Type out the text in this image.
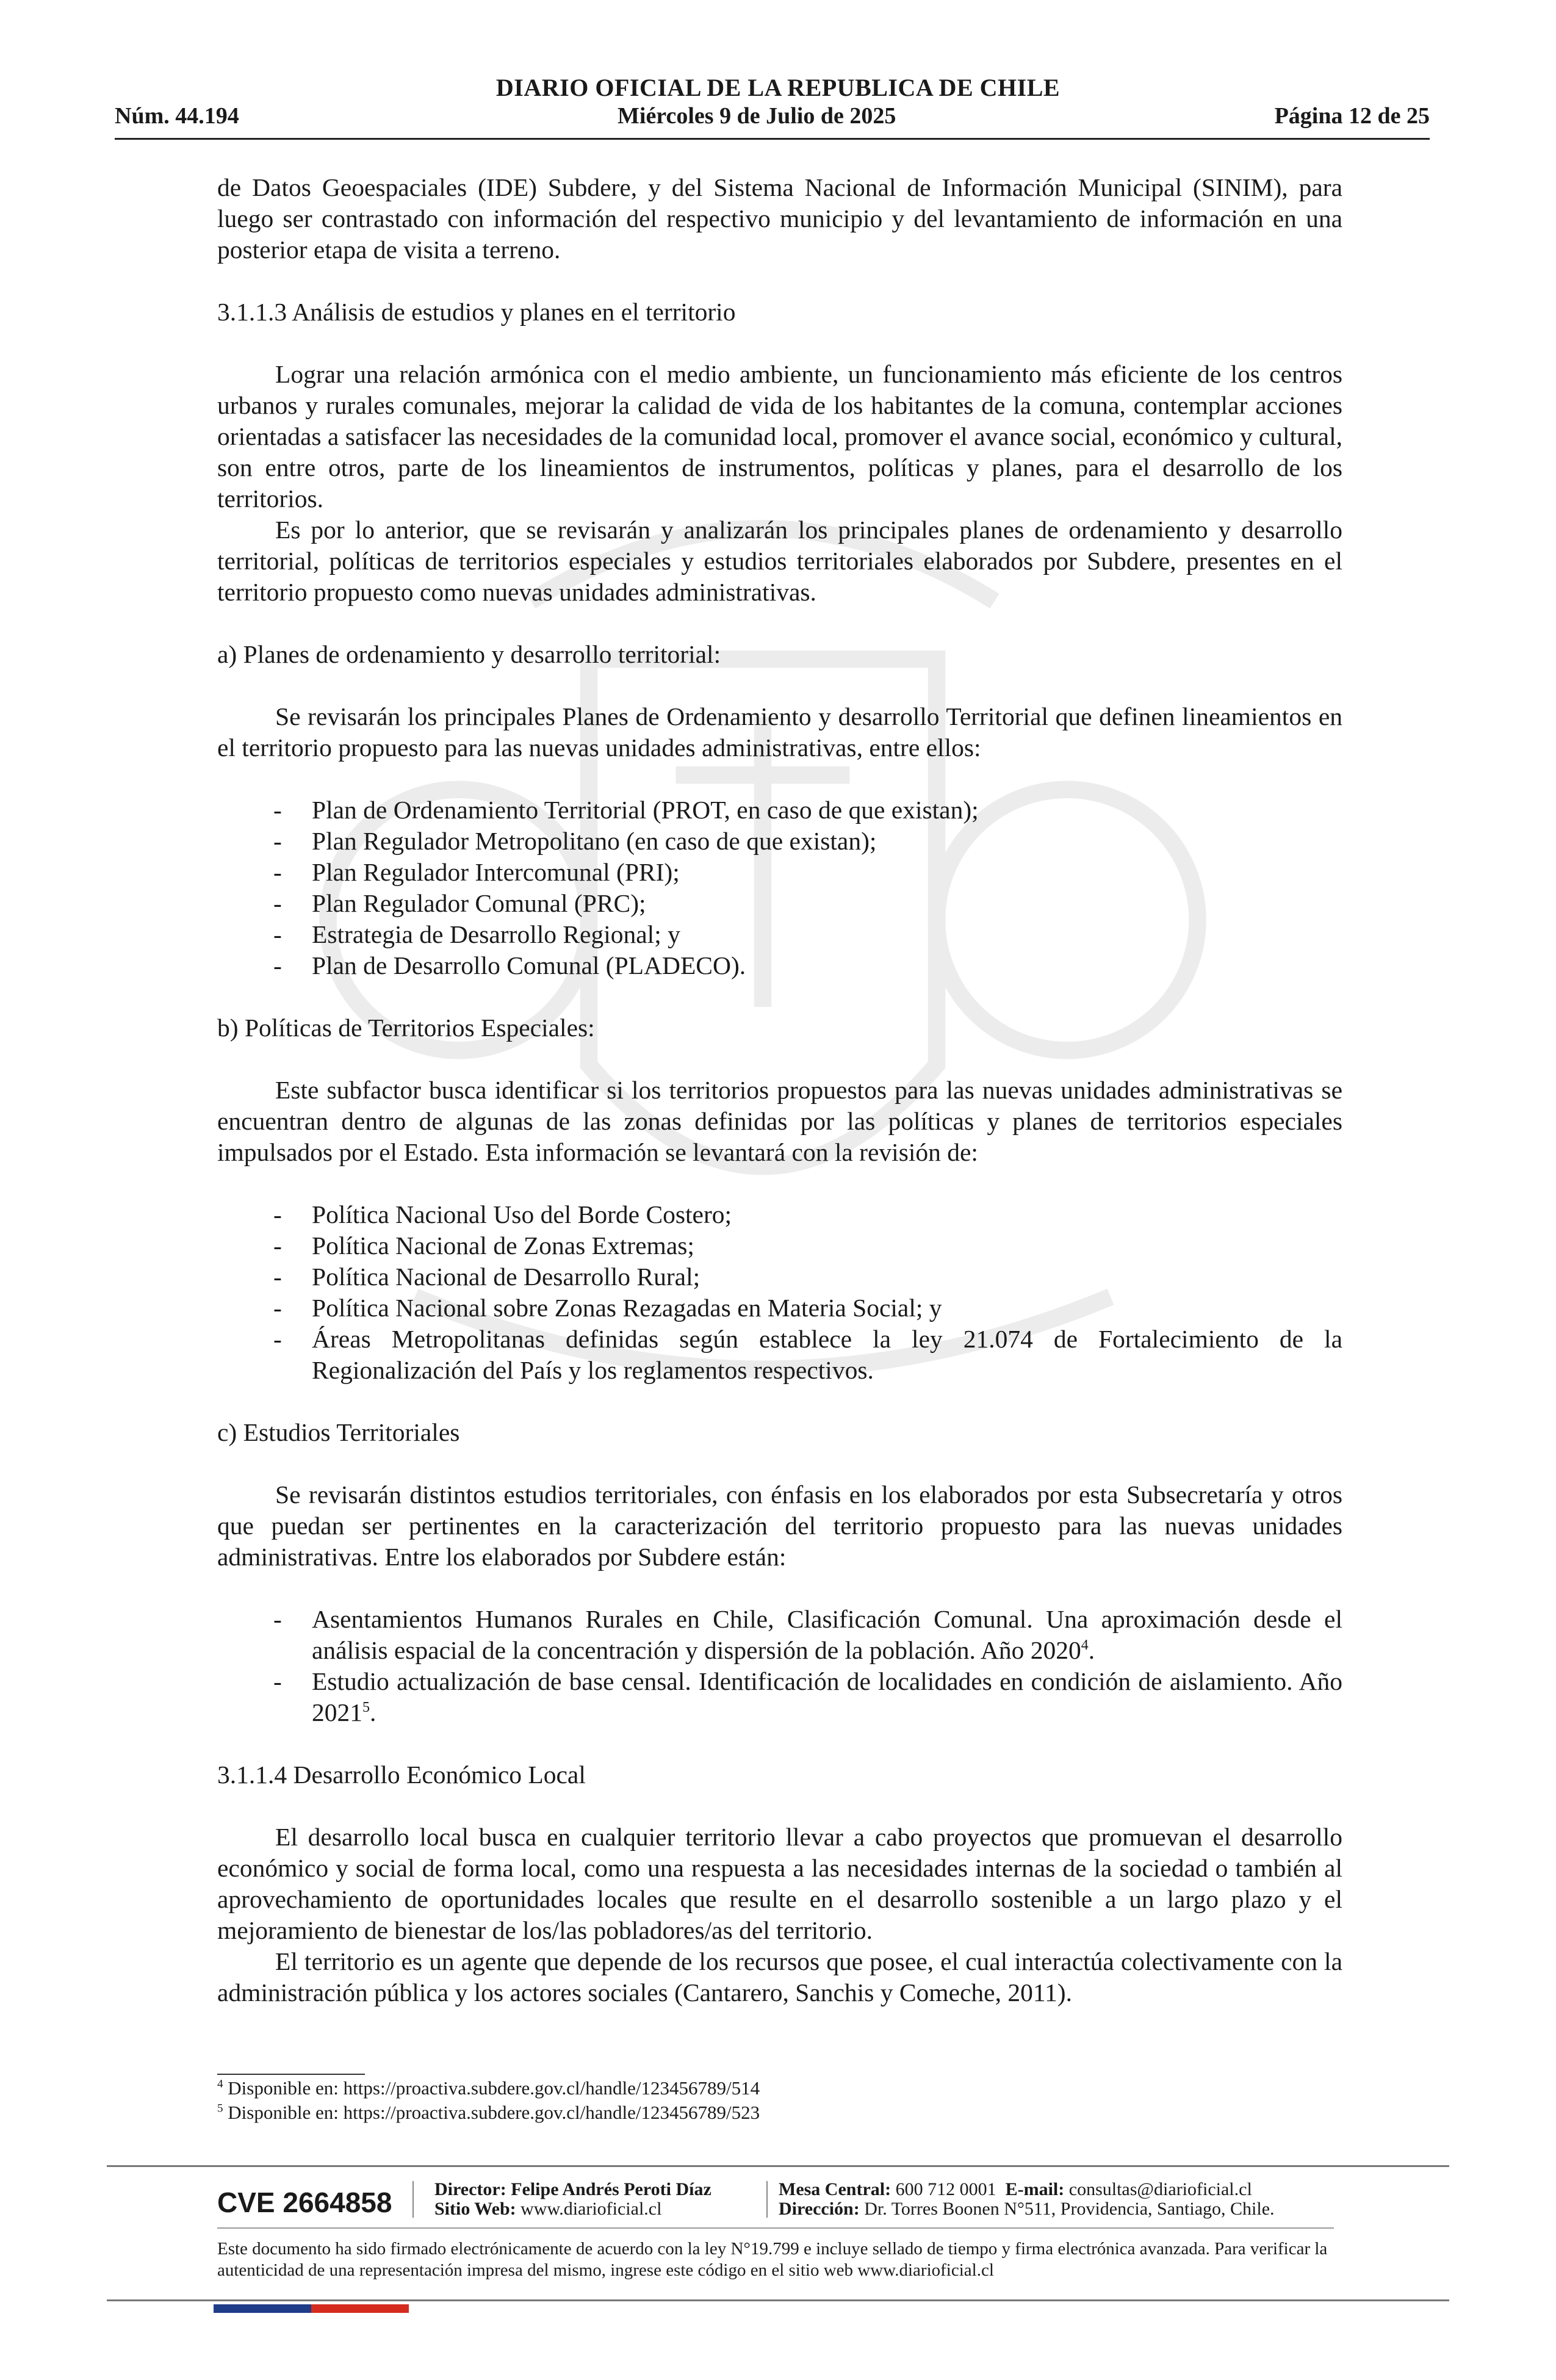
DIARIO OFICIAL DE LA REPUBLICA DE CHILE
Núm. 44.194	Miércoles 9 de Julio de 2025	Página 12 de 25

de Datos Geoespaciales (IDE) Subdere, y del Sistema Nacional de Información Municipal (SINIM), para luego ser contrastado con información del respectivo municipio y del levantamiento de información en una posterior etapa de visita a terreno.

3.1.1.3 Análisis de estudios y planes en el territorio

Lograr una relación armónica con el medio ambiente, un funcionamiento más eficiente de los centros urbanos y rurales comunales, mejorar la calidad de vida de los habitantes de la comuna, contemplar acciones orientadas a satisfacer las necesidades de la comunidad local, promover el avance social, económico y cultural, son entre otros, parte de los lineamientos de instrumentos, políticas y planes, para el desarrollo de los territorios.

Es por lo anterior, que se revisarán y analizarán los principales planes de ordenamiento y desarrollo territorial, políticas de territorios especiales y estudios territoriales elaborados por Subdere, presentes en el territorio propuesto como nuevas unidades administrativas.

a) Planes de ordenamiento y desarrollo territorial:

Se revisarán los principales Planes de Ordenamiento y desarrollo Territorial que definen lineamientos en el territorio propuesto para las nuevas unidades administrativas, entre ellos:

- Plan de Ordenamiento Territorial (PROT, en caso de que existan);
- Plan Regulador Metropolitano (en caso de que existan);
- Plan Regulador Intercomunal (PRI);
- Plan Regulador Comunal (PRC);
- Estrategia de Desarrollo Regional; y
- Plan de Desarrollo Comunal (PLADECO).

b) Políticas de Territorios Especiales:

Este subfactor busca identificar si los territorios propuestos para las nuevas unidades administrativas se encuentran dentro de algunas de las zonas definidas por las políticas y planes de territorios especiales impulsados por el Estado. Esta información se levantará con la revisión de:

- Política Nacional Uso del Borde Costero;
- Política Nacional de Zonas Extremas;
- Política Nacional de Desarrollo Rural;
- Política Nacional sobre Zonas Rezagadas en Materia Social; y
- Áreas Metropolitanas definidas según establece la ley 21.074 de Fortalecimiento de la Regionalización del País y los reglamentos respectivos.

c) Estudios Territoriales

Se revisarán distintos estudios territoriales, con énfasis en los elaborados por esta Subsecretaría y otros que puedan ser pertinentes en la caracterización del territorio propuesto para las nuevas unidades administrativas. Entre los elaborados por Subdere están:

- Asentamientos Humanos Rurales en Chile, Clasificación Comunal. Una aproximación desde el análisis espacial de la concentración y dispersión de la población. Año 2020$^4$.
- Estudio actualización de base censal. Identificación de localidades en condición de aislamiento. Año 2021$^5$.

3.1.1.4 Desarrollo Económico Local

El desarrollo local busca en cualquier territorio llevar a cabo proyectos que promuevan el desarrollo económico y social de forma local, como una respuesta a las necesidades internas de la sociedad o también al aprovechamiento de oportunidades locales que resulte en el desarrollo sostenible a un largo plazo y el mejoramiento de bienestar de los/las pobladores/as del territorio.

El territorio es un agente que depende de los recursos que posee, el cual interactúa colectivamente con la administración pública y los actores sociales (Cantarero, Sanchis y Comeche, 2011).

$^4$ Disponible en: https://proactiva.subdere.gov.cl/handle/123456789/514
$^5$ Disponible en: https://proactiva.subdere.gov.cl/handle/123456789/523
CVE 2664858 Director: Felipe Andrés Peroti Díaz
Sitio Web: www.diarioficial.cl
Mesa Central: 600 712 0001 E-mail: consultas@diarioficial.cl
Dirección: Dr. Torres Boonen N°511, Providencia, Santiago, Chile.
Este documento ha sido firmado electrónicamente de acuerdo con la ley N°19.799 e incluye sellado de tiempo y firma electrónica avanzada. Para verificar la autenticidad de una representación impresa del mismo, ingrese este código en el sitio web www.diarioficial.cl
